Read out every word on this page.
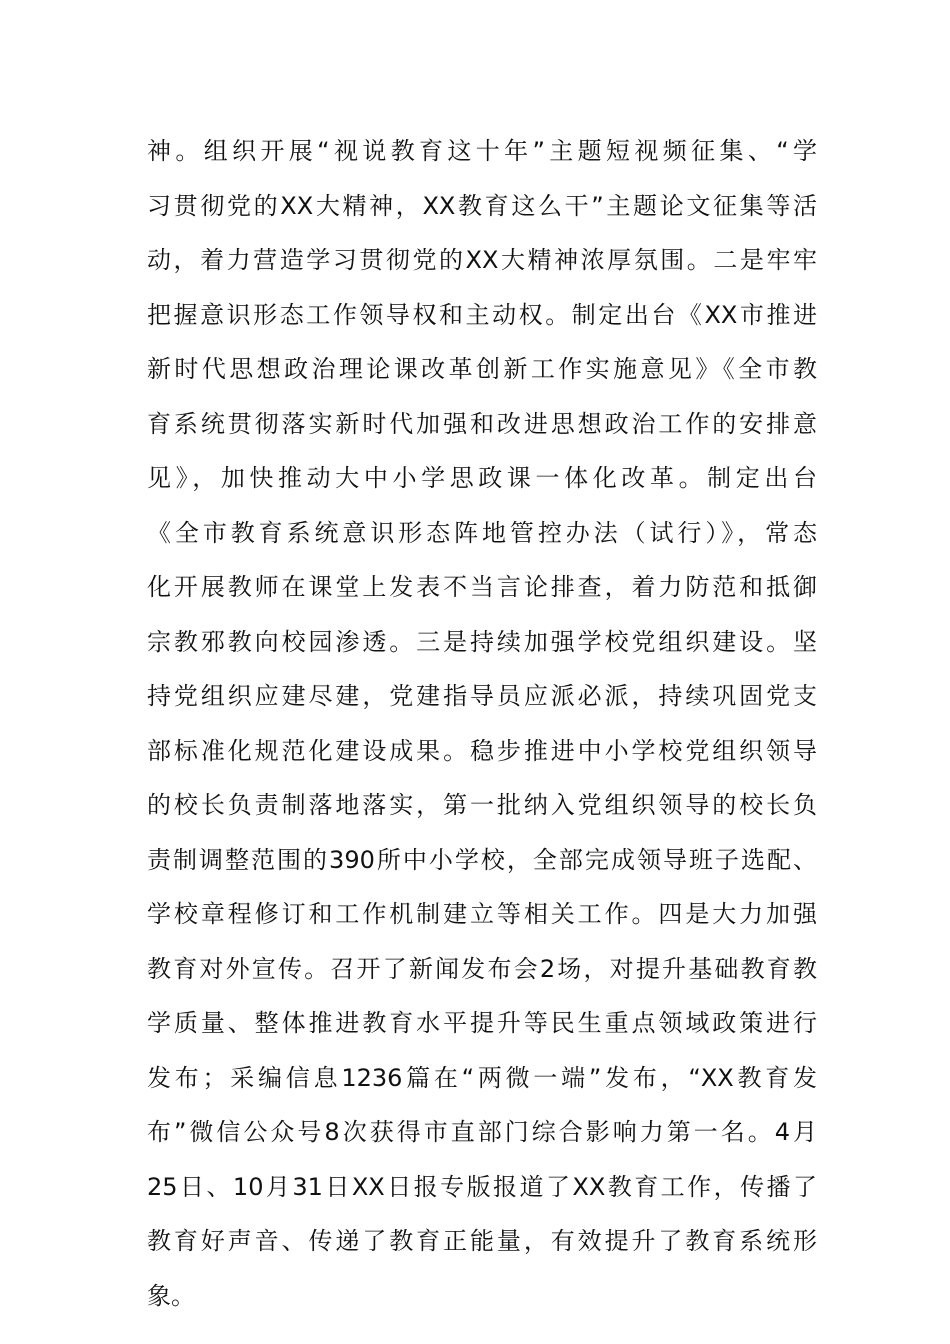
神。组织开展“视说教育这十年”主题短视频征集、“学
习贯彻党的XX大精神，XX教育这么干”主题论文征集等活
动，着力营造学习贯彻党的XX大精神浓厚氛围。二是牢牢
把握意识形态工作领导权和主动权。制定出台《XX市推进
新时代思想政治理论课改革创新工作实施意见》《全市教
育系统贯彻落实新时代加强和改进思想政治工作的安排意
见》，加快推动大中小学思政课一体化改革。制定出台
《全市教育系统意识形态阵地管控办法（试行）》，常态
化开展教师在课堂上发表不当言论排查，着力防范和抵御
宗教邪教向校园渗透。三是持续加强学校党组织建设。坚
持党组织应建尽建，党建指导员应派必派，持续巩固党支
部标准化规范化建设成果。稳步推进中小学校党组织领导
的校长负责制落地落实，第一批纳入党组织领导的校长负
责制调整范围的390所中小学校，全部完成领导班子选配、
学校章程修订和工作机制建立等相关工作。四是大力加强
教育对外宣传。召开了新闻发布会2场，对提升基础教育教
学质量、整体推进教育水平提升等民生重点领域政策进行
发布；采编信息1236篇在“两微一端”发布，“XX教育发
布”微信公众号8次获得市直部门综合影响力第一名。4月
25日、10月31日XX日报专版报道了XX教育工作，传播了
教育好声音、传递了教育正能量，有效提升了教育系统形
象。
